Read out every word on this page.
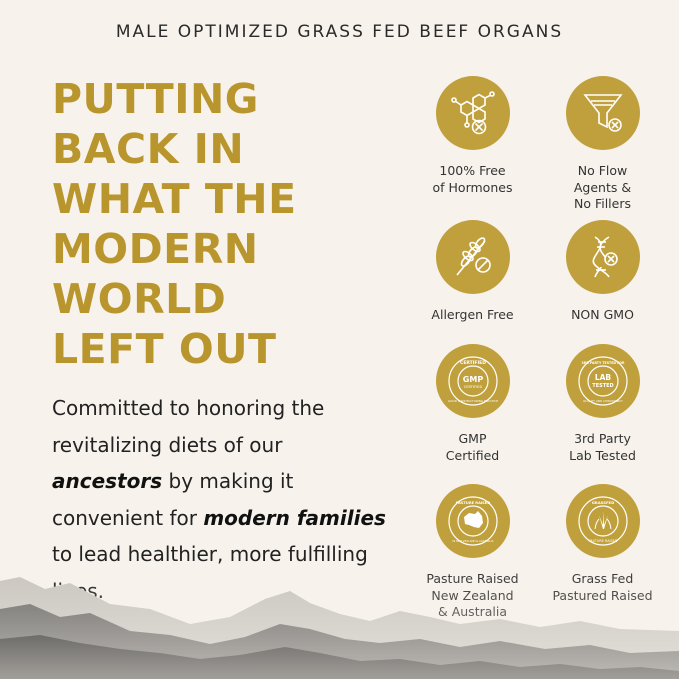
MALE OPTIMIZED GRASS FED BEEF ORGANS
PUTTING
BACK IN
WHAT THE
MODERN
WORLD
LEFT OUT
Committed to honoring the revitalizing diets of our ancestors by making it convenient for modern families to lead healthier, more fulfilling
100% Free
of Hormones
No Flow
Agents &
No Fillers
Allergen Free	NON GMO
CERTIFIED
GMP
CERTIFIED
GOOD MANUFACTURING PRACTICE
GMP
Certified
3RD PARTY TESTED FOR
LAB
TESTED
QUALITY AND CONSISTENCY
3rd Party
Lab Tested
PASTURE RAISED
IN NEW ZEALAND & AUSTRALIA
GRASSFED
PASTURE RAISED
